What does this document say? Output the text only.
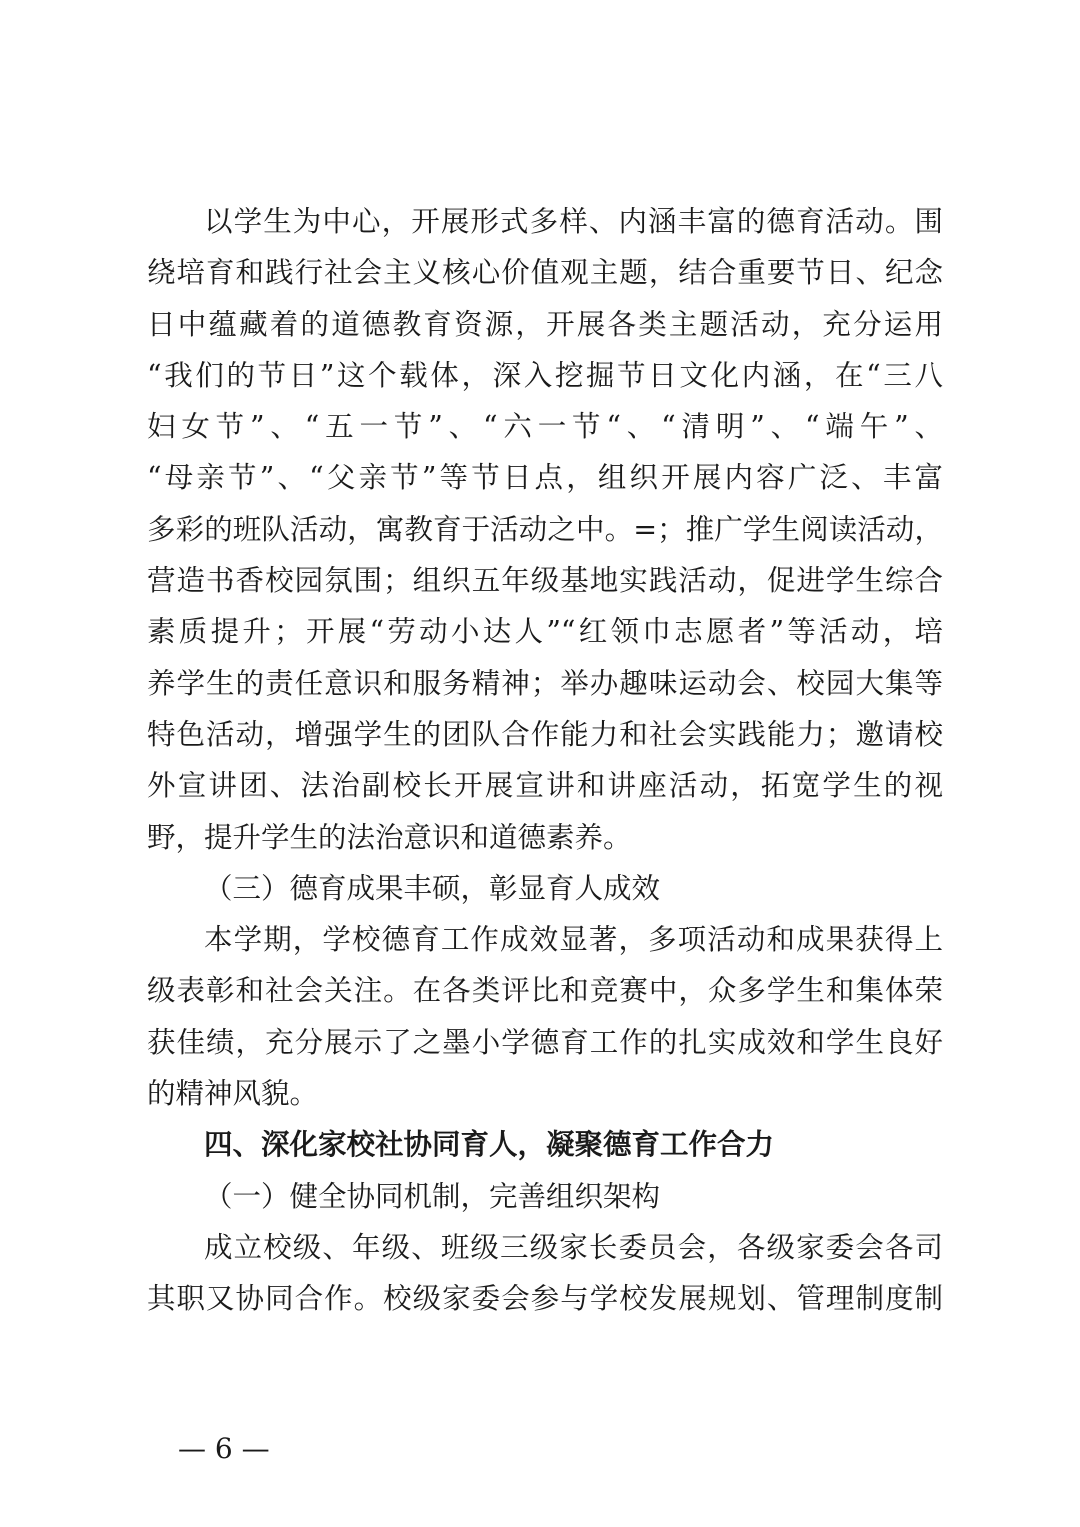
以学生为中心，开展形式多样、内涵丰富的德育活动。围
绕培育和践行社会主义核心价值观主题，结合重要节日、纪念
日中蕴藏着的道德教育资源，开展各类主题活动，充分运用
“我们的节日”这个载体，深入挖掘节日文化内涵，在“三八
妇女节”、“五一节”、“六一节“、“清明”、“端午”、
“母亲节”、“父亲节”等节日点，组织开展内容广泛、丰富
多彩的班队活动，寓教育于活动之中。=；推广学生阅读活动，
营造书香校园氛围；组织五年级基地实践活动，促进学生综合
素质提升；开展“劳动小达人”“红领巾志愿者”等活动，培
养学生的责任意识和服务精神；举办趣味运动会、校园大集等
特色活动，增强学生的团队合作能力和社会实践能力；邀请校
外宣讲团、法治副校长开展宣讲和讲座活动，拓宽学生的视
野，提升学生的法治意识和道德素养。
（三）德育成果丰硕，彰显育人成效
本学期，学校德育工作成效显著，多项活动和成果获得上
级表彰和社会关注。在各类评比和竞赛中，众多学生和集体荣
获佳绩，充分展示了之墨小学德育工作的扎实成效和学生良好
的精神风貌。
四、深化家校社协同育人，凝聚德育工作合力
（一）健全协同机制，完善组织架构
成立校级、年级、班级三级家长委员会，各级家委会各司
其职又协同合作。校级家委会参与学校发展规划、管理制度制
— 6 —
